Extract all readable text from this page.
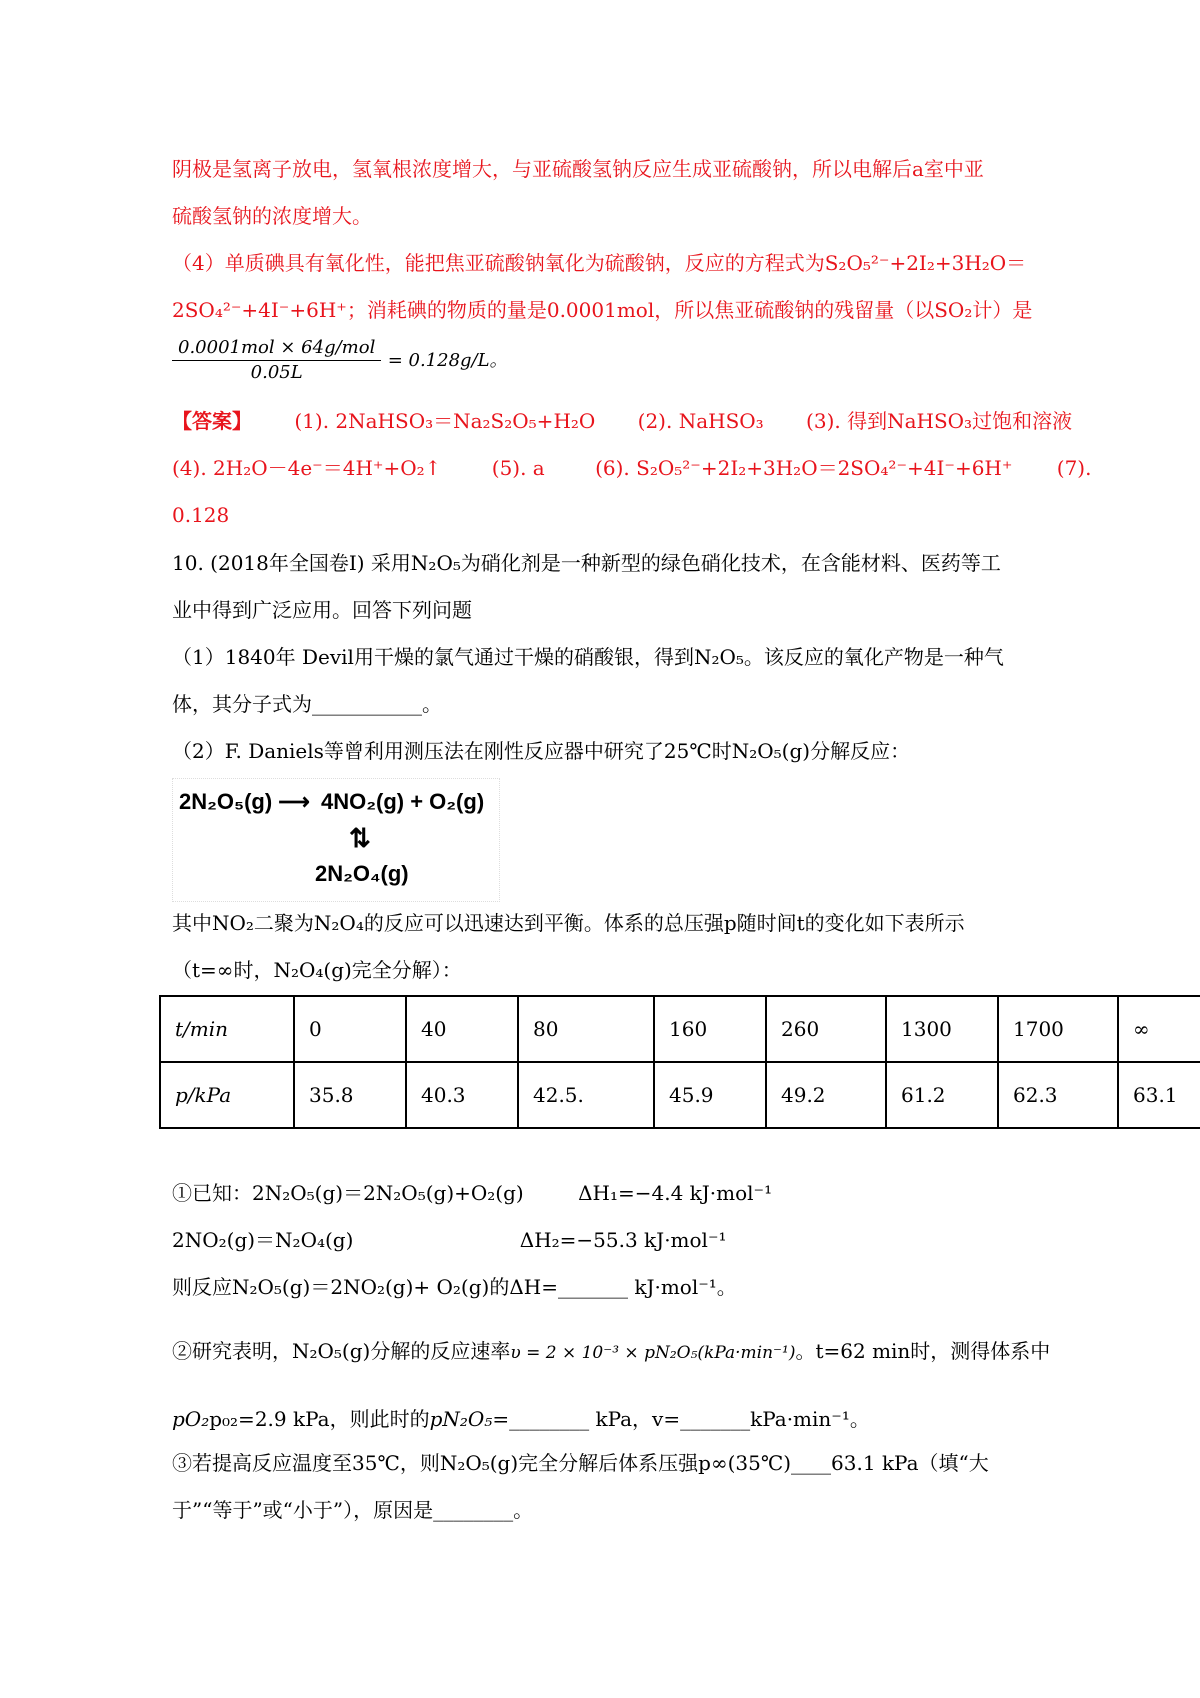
阴极是氢离子放电，氢氧根浓度增大，与亚硫酸氢钠反应生成亚硫酸钠，所以电解后a室中亚
硫酸氢钠的浓度增大。
（4）单质碘具有氧化性，能把焦亚硫酸钠氧化为硫酸钠，反应的方程式为S₂O₅²⁻+2I₂+3H₂O＝
2SO₄²⁻+4I⁻+6H⁺；消耗碘的物质的量是0.0001mol，所以焦亚硫酸钠的残留量（以SO₂计）是
$\frac{\text{0.0001mol × 64g/mol}}{0.05L} = 0.128g/L$。
【答案】 (1). 2NaHSO₃＝Na₂S₂O₅+H₂O (2). NaHSO₃ (3). 得到NaHSO₃过饱和溶液
(4). 2H₂O－4e⁻＝4H⁺+O₂↑	(5). a	(6). S₂O₅²⁻+2I₂+3H₂O＝2SO₄²⁻+4I⁻+6H⁺ (7).
0.128
10. (2018年全国卷I) 采用N₂O₅为硝化剂是一种新型的绿色硝化技术，在含能材料、医药等工
业中得到广泛应用。回答下列问题
（1）1840年 Devil用干燥的氯气通过干燥的硝酸银，得到N₂O₅。该反应的氧化产物是一种气
体，其分子式为___________。
（2）F. Daniels等曾利用测压法在刚性反应器中研究了25℃时N₂O₅(g)分解反应：
2N₂O₅(g) ⟶ 4NO₂(g) + O₂(g)
⇅
2N₂O₄(g)
其中NO₂二聚为N₂O₄的反应可以迅速达到平衡。体系的总压强p随时间t的变化如下表所示
（t=∞时，N₂O₄(g)完全分解）：
t/min	0	40	80	160	260	1300	1700	∞
p/kPa	35.8	40.3	42.5.	45.9	49.2	61.2	62.3	63.1
①已知：2N₂O₅(g)＝2N₂O₅(g)+O₂(g)	ΔH₁=−4.4 kJ·mol⁻¹
2NO₂(g)＝N₂O₄(g)	ΔH₂=−55.3 kJ·mol⁻¹
则反应N₂O₅(g)＝2NO₂(g)+ O₂(g)的ΔH=_______ kJ·mol⁻¹。
②研究表明，N₂O₅(g)分解的反应速率υ = 2 × 10⁻³ × pN₂O₅(kPa·min⁻¹)。t=62 min时，测得体系中
pO₂p₀₂=2.9 kPa，则此时的pN₂O₅=________ kPa，v=_______kPa·min⁻¹。
③若提高反应温度至35℃，则N₂O₅(g)完全分解后体系压强p∞(35℃)____63.1 kPa（填“大
于”“等于”或“小于”），原因是________。
